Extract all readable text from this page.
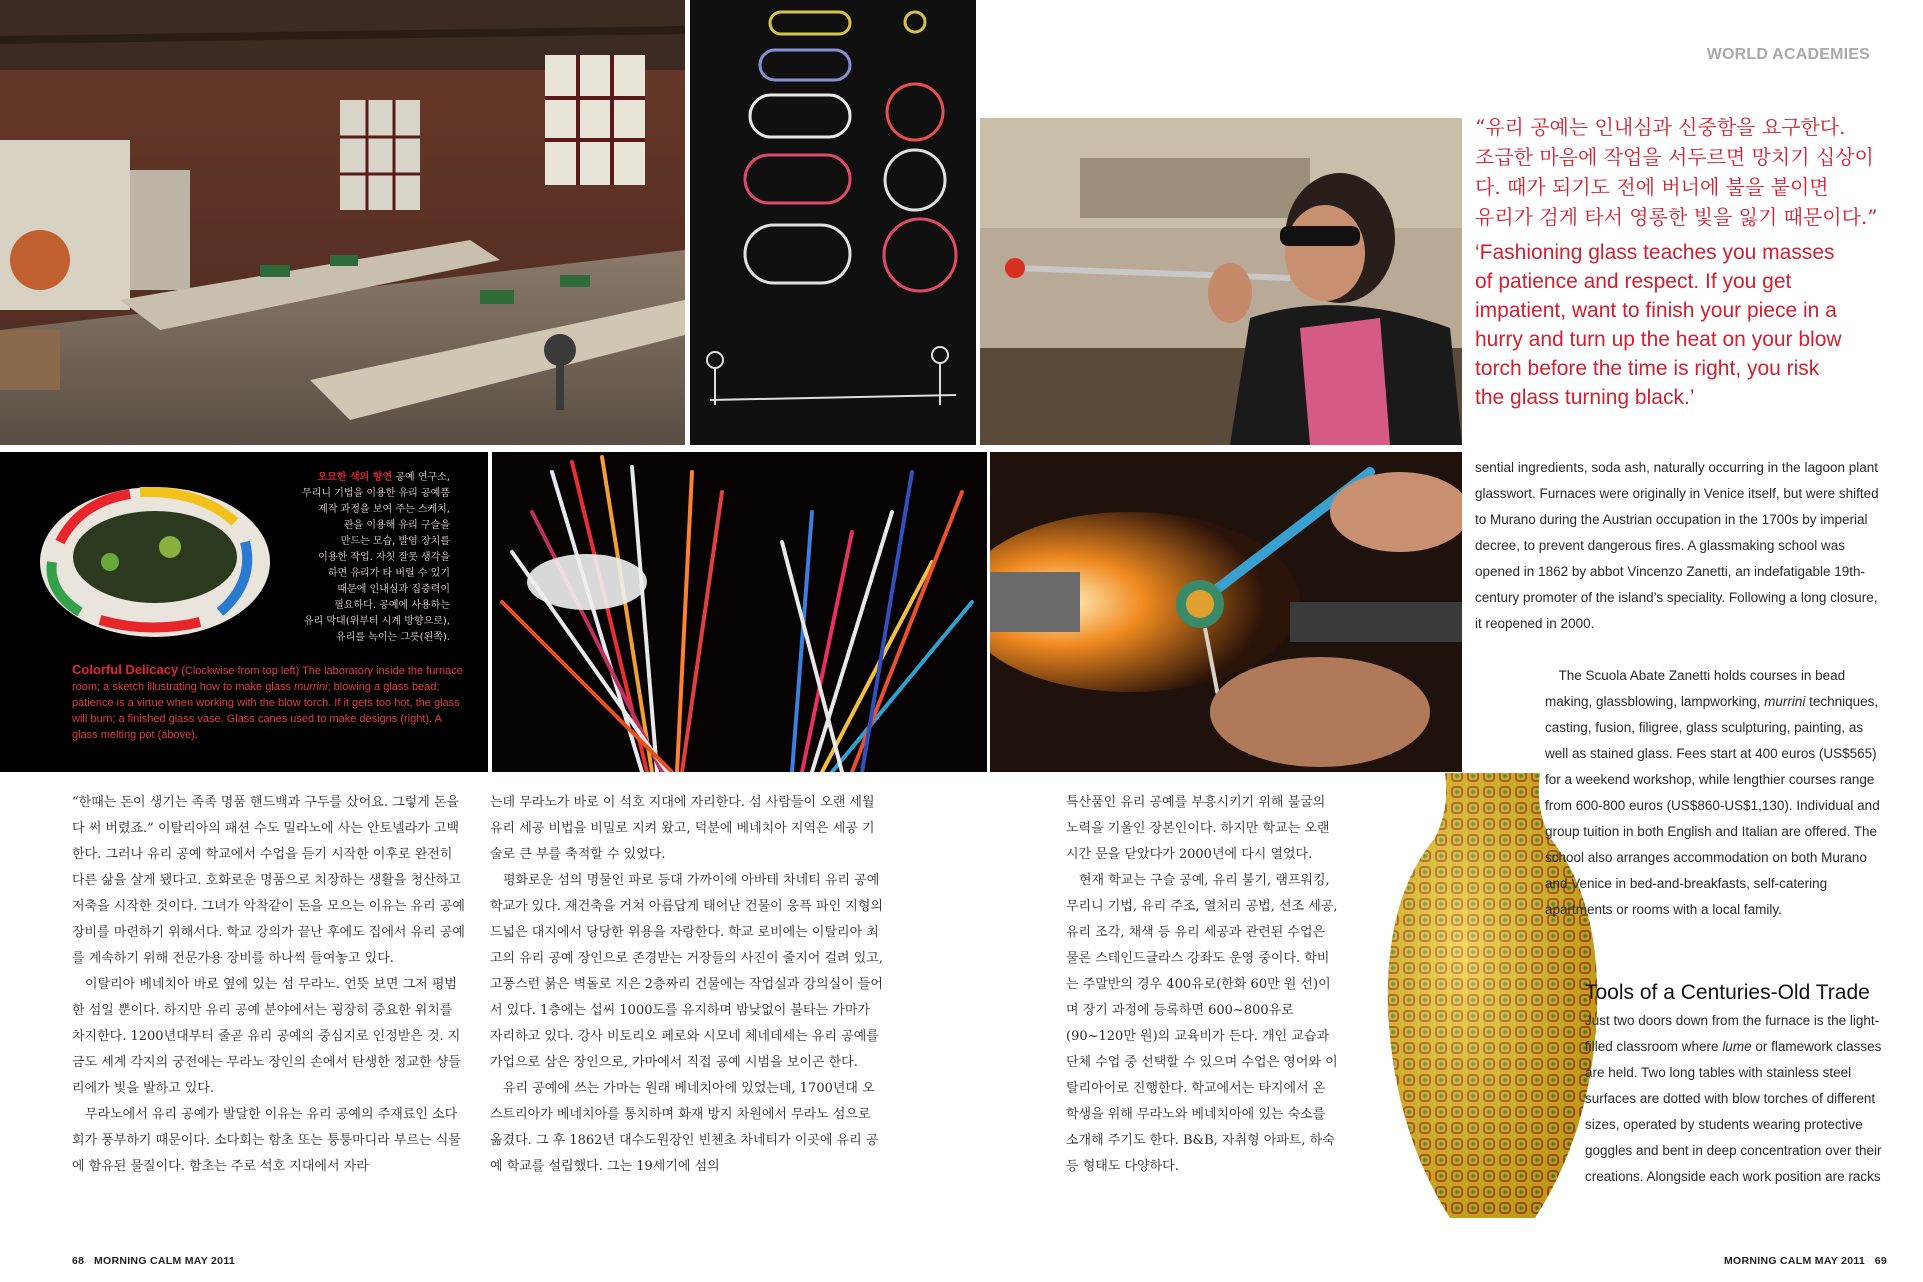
WORLD ACADEMIES
“유리 공예는 인내심과 신중함을 요구한다.
조급한 마음에 작업을 서두르면 망치기 십상이
다. 때가 되기도 전에 버너에 불을 붙이면
유리가 검게 타서 영롱한 빛을 잃기 때문이다.”
‘Fashioning glass teaches you masses
of patience and respect. If you get
impatient, want to finish your piece in a
hurry and turn up the heat on your blow
torch before the time is right, you risk
the glass turning black.’
오묘한 색의 향연 공예 연구소,
무리니 기법을 이용한 유리 공예품
제작 과정을 보여 주는 스케치,
관을 이용해 유리 구슬을
만드는 모습, 발염 장치를
이용한 작업. 자칫 잘못 생각을
하면 유리가 타 버릴 수 있기
때문에 인내심과 집중력이
필요하다. 공예에 사용하는
유리 막대(위부터 시계 방향으로),
유리를 녹이는 그릇(왼쪽).
Colorful Delicacy (Clockwise from top left) The laboratory inside the furnace room; a sketch illustrating how to make glass murrini; blowing a glass bead; patience is a virtue when working with the blow torch. If it gets too hot, the glass will burn; a finished glass vase. Glass canes used to make designs (right). A glass melting pot (above).

“한때는 돈이 생기는 족족 명품 핸드백과 구두를 샀어요. 그렇게 돈을 다 써 버렸죠.” 이탈리아의 패션 수도 밀라노에 사는 안토넬라가 고백한다. 그러나 유리 공예 학교에서 수업을 듣기 시작한 이후로 완전히 다른 삶을 살게 됐다고. 호화로운 명품으로 치장하는 생활을 청산하고 저축을 시작한 것이다. 그녀가 악착같이 돈을 모으는 이유는 유리 공예 장비를 마련하기 위해서다. 학교 강의가 끝난 후에도 집에서 유리 공예를 계속하기 위해 전문가용 장비를 하나씩 들여놓고 있다.

이탈리아 베네치아 바로 옆에 있는 섬 무라노. 언뜻 보면 그저 평범한 섬일 뿐이다. 하지만 유리 공예 분야에서는 굉장히 중요한 위치를 차지한다. 1200년대부터 줄곧 유리 공예의 중심지로 인정받은 것. 지금도 세계 각지의 궁전에는 무라노 장인의 손에서 탄생한 정교한 샹들리에가 빛을 발하고 있다.

무라노에서 유리 공예가 발달한 이유는 유리 공예의 주재료인 소다회가 풍부하기 때문이다. 소다회는 함초 또는 퉁퉁마디라 부르는 식물에 함유된 물질이다. 함초는 주로 석호 지대에서 자라

는데 무라노가 바로 이 석호 지대에 자리한다. 섬 사람들이 오랜 세월 유리 세공 비법을 비밀로 지켜 왔고, 덕분에 베네치아 지역은 세공 기술로 큰 부를 축적할 수 있었다.

평화로운 섬의 명물인 파로 등대 가까이에 아바테 차네티 유리 공예 학교가 있다. 재건축을 거쳐 아름답게 태어난 건물이 웅픅 파인 지형의 드넓은 대지에서 당당한 위용을 자랑한다. 학교 로비에는 이탈리아 최고의 유리 공예 장인으로 존경받는 거장들의 사진이 줄지어 걸려 있고, 고풍스런 붉은 벽돌로 지은 2층짜리 건물에는 작업실과 강의실이 들어서 있다. 1층에는 섭씨 1000도를 유지하며 밤낮없이 불타는 가마가 자리하고 있다. 강사 비토리오 페로와 시모네 체네데세는 유리 공예를 가업으로 삼은 장인으로, 가마에서 직접 공예 시범을 보이곤 한다.

유리 공예에 쓰는 가마는 원래 베네치아에 있었는데, 1700년대 오스트리아가 베네치아를 통치하며 화재 방지 차원에서 무라노 섬으로 옮겼다. 그 후 1862년 대수도원장인 빈첸초 차네티가 이곳에 유리 공예 학교를 설립했다. 그는 19세기에 섬의

특산품인 유리 공예를 부흥시키기 위해 불굴의 노력을 기울인 장본인이다. 하지만 학교는 오랜 시간 문을 닫았다가 2000년에 다시 열었다.

현재 학교는 구슬 공예, 유리 불기, 램프워킹, 무리니 기법, 유리 주조, 열처리 공법, 선조 세공, 유리 조각, 채색 등 유리 세공과 관련된 수업은 물론 스테인드글라스 강좌도 운영 중이다. 학비는 주말반의 경우 400유로(한화 60만 원 선)이며 장기 과정에 등록하면 600~800유로(90~120만 원)의 교육비가 든다. 개인 교습과 단체 수업 중 선택할 수 있으며 수업은 영어와 이탈리아어로 진행한다. 학교에서는 타지에서 온 학생을 위해 무라노와 베네치아에 있는 숙소를 소개해 주기도 한다. B&B, 자취형 아파트, 하숙 등 형태도 다양하다.

sential ingredients, soda ash, naturally occurring in the lagoon plant glasswort. Furnaces were originally in Venice itself, but were shifted to Murano during the Austrian occupation in the 1700s by imperial decree, to prevent dangerous fires. A glassmaking school was opened in 1862 by abbot Vincenzo Zanetti, an indefatigable 19th-century promoter of the island’s speciality. Following a long closure, it reopened in 2000.

The Scuola Abate Zanetti holds courses in bead making, glassblowing, lampworking, murrini techniques, casting, fusion, filigree, glass sculpturing, painting, as well as stained glass. Fees start at 400 euros (US$565) for a weekend workshop, while lengthier courses range from 600-800 euros (US$860-US$1,130). Individual and group tuition in both English and Italian are offered. The school also arranges accommodation on both Murano and Venice in bed-and-breakfasts, self-catering apartments or rooms with a local family.

Tools of a Centuries-Old Trade Just two doors down from the furnace is the light-filled classroom where lume or flamework classes are held. Two long tables with stainless steel surfaces are dotted with blow torches of different sizes, operated by students wearing protective goggles and bent in deep concentration over their creations. Alongside each work position are racks

68 MORNING CALM MAY 2011	MORNING CALM MAY 2011 69
